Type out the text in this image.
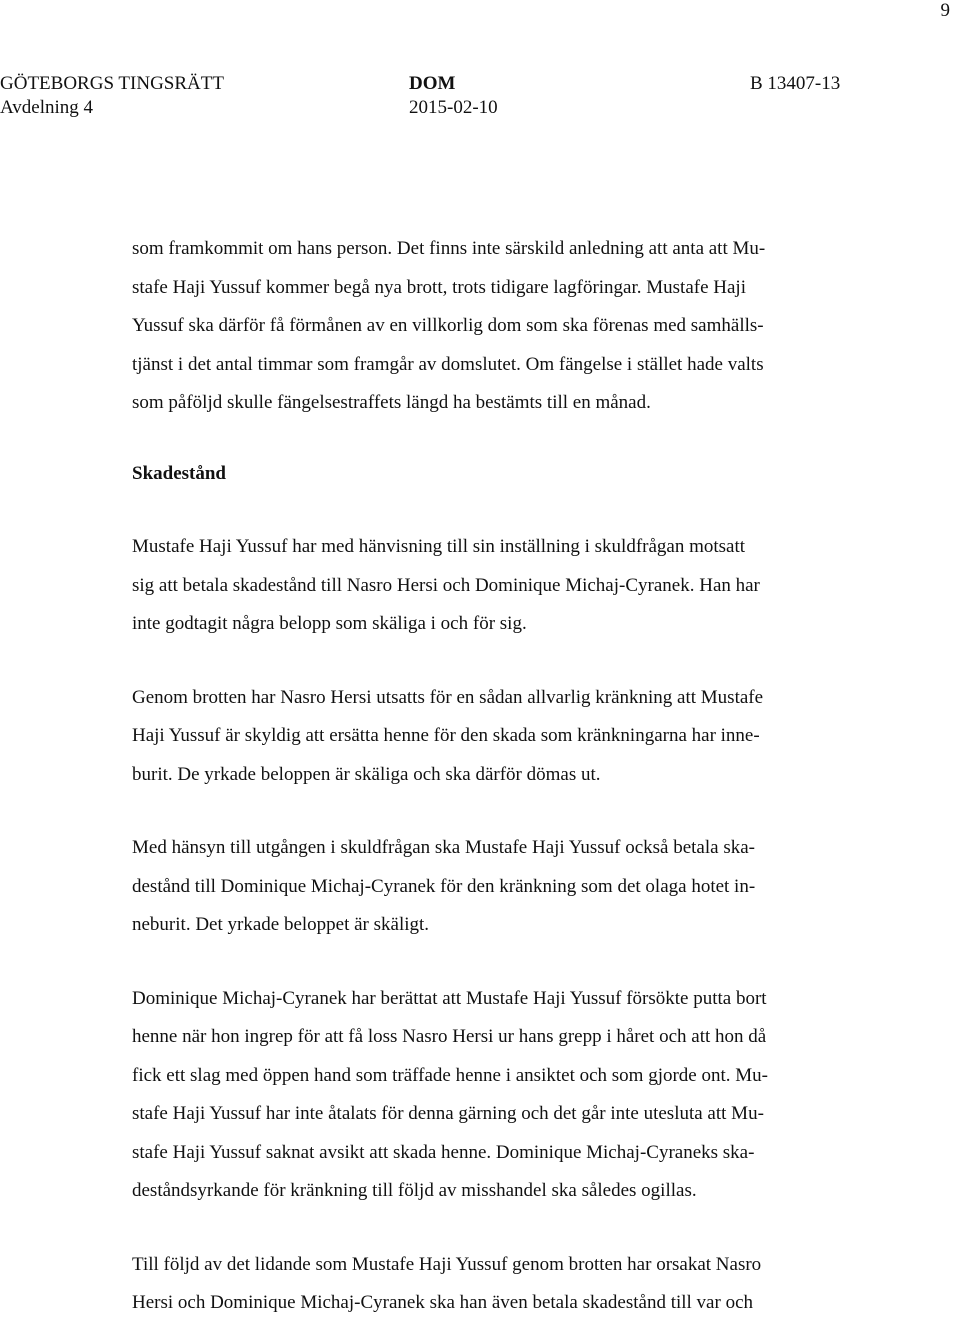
9
GÖTEBORGS TINGSRÄTT
Avdelning 4
DOM
2015-02-10
B 13407-13

som framkommit om hans person. Det finns inte särskild anledning att anta att Mu-
stafe Haji Yussuf kommer begå nya brott, trots tidigare lagföringar. Mustafe Haji
Yussuf ska därför få förmånen av en villkorlig dom som ska förenas med samhälls-
tjänst i det antal timmar som framgår av domslutet. Om fängelse i stället hade valts
som påföljd skulle fängelsestraffets längd ha bestämts till en månad.

Skadestånd

Mustafe Haji Yussuf har med hänvisning till sin inställning i skuldfrågan motsatt
sig att betala skadestånd till Nasro Hersi och Dominique Michaj-Cyranek. Han har
inte godtagit några belopp som skäliga i och för sig.

Genom brotten har Nasro Hersi utsatts för en sådan allvarlig kränkning att Mustafe
Haji Yussuf är skyldig att ersätta henne för den skada som kränkningarna har inne-
burit. De yrkade beloppen är skäliga och ska därför dömas ut.

Med hänsyn till utgången i skuldfrågan ska Mustafe Haji Yussuf också betala ska-
destånd till Dominique Michaj-Cyranek för den kränkning som det olaga hotet in-
neburit. Det yrkade beloppet är skäligt.

Dominique Michaj-Cyranek har berättat att Mustafe Haji Yussuf försökte putta bort
henne när hon ingrep för att få loss Nasro Hersi ur hans grepp i håret och att hon då
fick ett slag med öppen hand som träffade henne i ansiktet och som gjorde ont. Mu-
stafe Haji Yussuf har inte åtalats för denna gärning och det går inte utesluta att Mu-
stafe Haji Yussuf saknat avsikt att skada henne. Dominique Michaj-Cyraneks ska-
deståndsyrkande för kränkning till följd av misshandel ska således ogillas.

Till följd av det lidande som Mustafe Haji Yussuf genom brotten har orsakat Nasro
Hersi och Dominique Michaj-Cyranek ska han även betala skadestånd till var och
